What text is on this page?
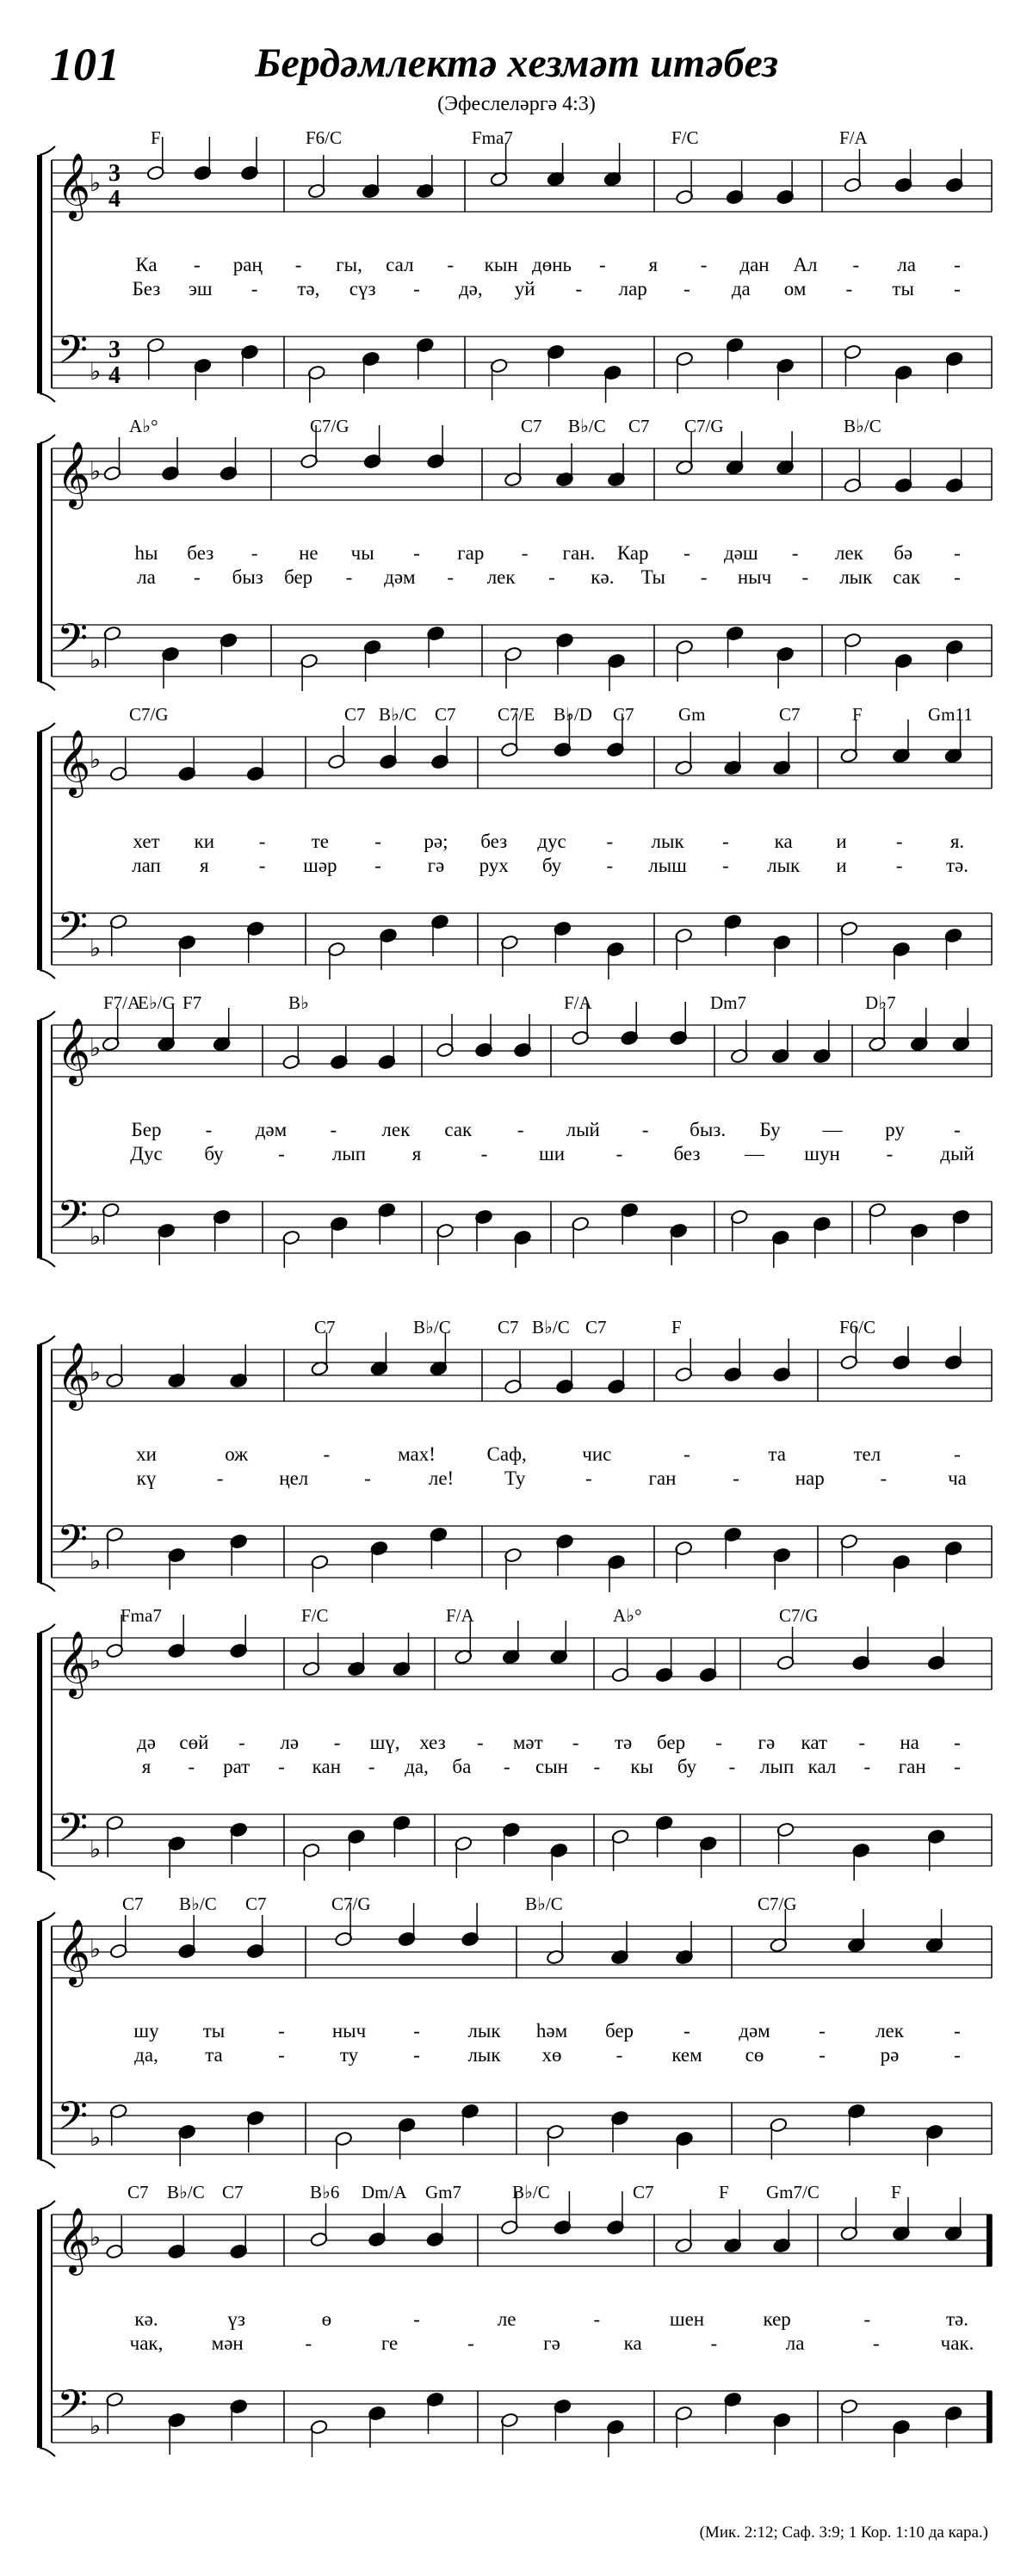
101	Бердәмлектә хезмәт итәбез
(Эфеслеләргә 4:3)
F	F6/C	Fma7	F/C	F/A
𝄞
𝄢
♭
♭
3
4
3
4
Ка - раң - гы, сал - кын дөнь - я - дан Ал - ла -
Без эш - тә, сүз - дә, уй - лар - да ом - ты -
A♭°	C7/G	C7 B♭/C C7 C7/G	B♭/C
𝄞
𝄢
♭
♭
һы без - не чы - гар - ган. Кар - дәш - лек бә -
ла - быз бер - дәм - лек - кә. Ты - ныч - лык сак -
C7/G	C7 B♭/C C7 C7/E B♭/D C7 Gm	C7	F	Gm11
𝄞
𝄢
♭
♭
хет ки - те - рә; без дус - лык - ка и - я.
лап я	- шәр - гә рух бу - лыш - лык и - тә.
F7/A
E♭/G F7	B♭	F/A	Dm7	D♭7
𝄞
𝄢
♭
♭
Бер - дәм - лек сак - лый - быз. Бу — ру -
Дус бу	- лып я	-	ши	-	без — шун - дый
C7	B♭/C	C7 B♭/C C7	F	F6/C
𝄞
𝄢
♭
♭
хи	ож	-	мах!	Саф,	чис	-	та	тел	-
кү	-	ңел	-	ле!	Ту	-	ган	-	нар	-	ча
Fma7	F/C	F/A	A♭°	C7/G
𝄞
𝄢
♭
♭
дә сөй - лә - шү, хез - мәт - тә бер - гә кат - на -
я - рат - кан - да, ба - сын - кы бу - лып кал - ган -
C7 B♭/C C7	C7/G	B♭/C	C7/G
𝄞
𝄢
♭
♭
шу ты	- ныч - лык һәм бер	- дәм -	лек	-
да, та	-	ту	- лык хө	- кем сө	-	рә	-
C7 B♭/C C7	B♭6 Dm/A Gm7	B♭/C	C7	F Gm7/C	F
𝄞
𝄢
♭
♭
кә.	үз	ө	-	ле	-	шен	кер	-	тә.
чак, мән	-	ге	-	гә	ка	-	ла	-	чак.
(Мик. 2:12; Саф. 3:9; 1 Кор. 1:10 да кара.)
